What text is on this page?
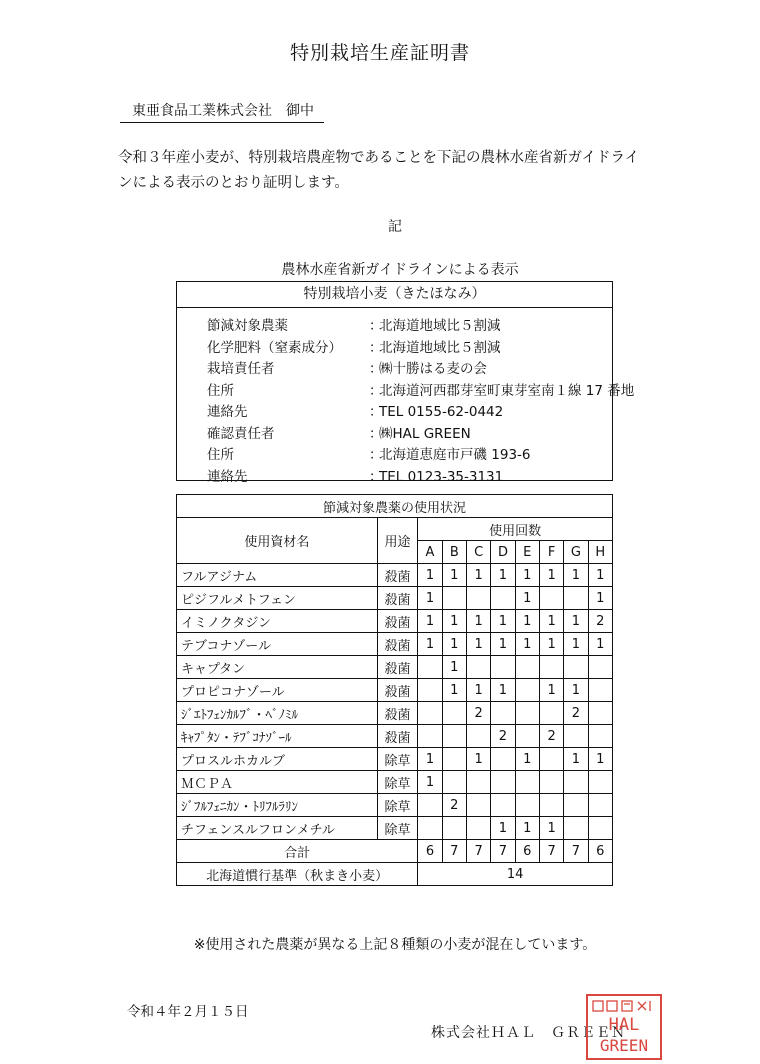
特別栽培生産証明書
東亜食品工業株式会社　御中
令和３年産小麦が、特別栽培農産物であることを下記の農林水産省新ガイドライ
ンによる表示のとおり証明します。
記
農林水産省新ガイドラインによる表示
特別栽培小麦（きたほなみ）
節減対象農薬	：
北海道地域比５割減
化学肥料（窒素成分）	：
北海道地域比５割減
栽培責任者	：
㈱十勝はる麦の会
住所	：
北海道河西郡芽室町東芽室南１線 17 番地
連絡先	：
TEL 0155-62-0442
確認責任者	：
㈱HAL GREEN
住所	：
北海道恵庭市戸磯 193-6
連絡先	：
TEL 0123-35-3131
節減対象農薬の使用状況									
使用資材名	用途	使用回数							
		A	B	C	D	E	F	G	H
フルアジナム	殺菌	1	1	1	1	1	1	1	1
ピジフルメトフェン	殺菌	1				1			1
イミノクタジン	殺菌	1	1	1	1	1	1	1	2
テブコナゾール	殺菌	1	1	1	1	1	1	1	1
キャプタン	殺菌		1						
プロピコナゾール	殺菌		1	1	1		1	1	
ｼﾞｴﾄﾌｪﾝｶﾙﾌﾞ・ﾍﾞﾉﾐﾙ	殺菌			2				2	
ｷｬﾌﾟﾀﾝ・ﾃﾌﾞｺﾅｿﾞｰﾙ	殺菌				2		2		
プロスルホカルブ	除草	1		1		1		1	1
ＭＣＰＡ	除草	1							
ｼﾞﾌﾙﾌｪﾆｶﾝ・ﾄﾘﾌﾙﾗﾘﾝ	除草		2						
チフェンスルフロンメチル	除草				1	1	1		
合計		6	7	7	7	6	7	7	6
北海道慣行基準（秋まき小麦）		14							
※使用された農薬が異なる上記８種類の小麦が混在しています。
令和４年２月１５日
株式会社ＨＡＬ　ＧＲＥＥＮ
HAL
GREEN
